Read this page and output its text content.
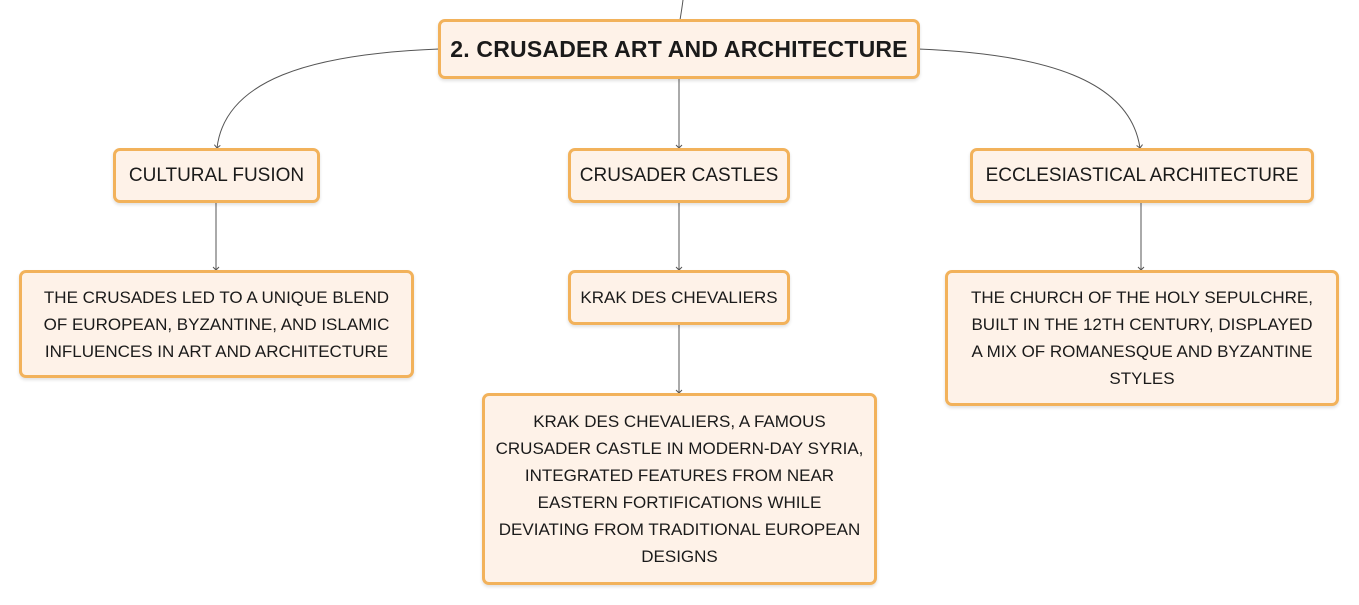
2. CRUSADER ART AND ARCHITECTURE
CULTURAL FUSION	CRUSADER CASTLES	ECCLESIASTICAL ARCHITECTURE
THE CRUSADES LED TO A UNIQUE BLEND OF EUROPEAN, BYZANTINE, AND ISLAMIC INFLUENCES IN ART AND ARCHITECTURE
KRAK DES CHEVALIERS	THE CHURCH OF THE HOLY SEPULCHRE, BUILT IN THE 12TH CENTURY, DISPLAYED A MIX OF ROMANESQUE AND BYZANTINE STYLES
KRAK DES CHEVALIERS, A FAMOUS CRUSADER CASTLE IN MODERN-DAY SYRIA, INTEGRATED FEATURES FROM NEAR EASTERN FORTIFICATIONS WHILE DEVIATING FROM TRADITIONAL EUROPEAN DESIGNS
